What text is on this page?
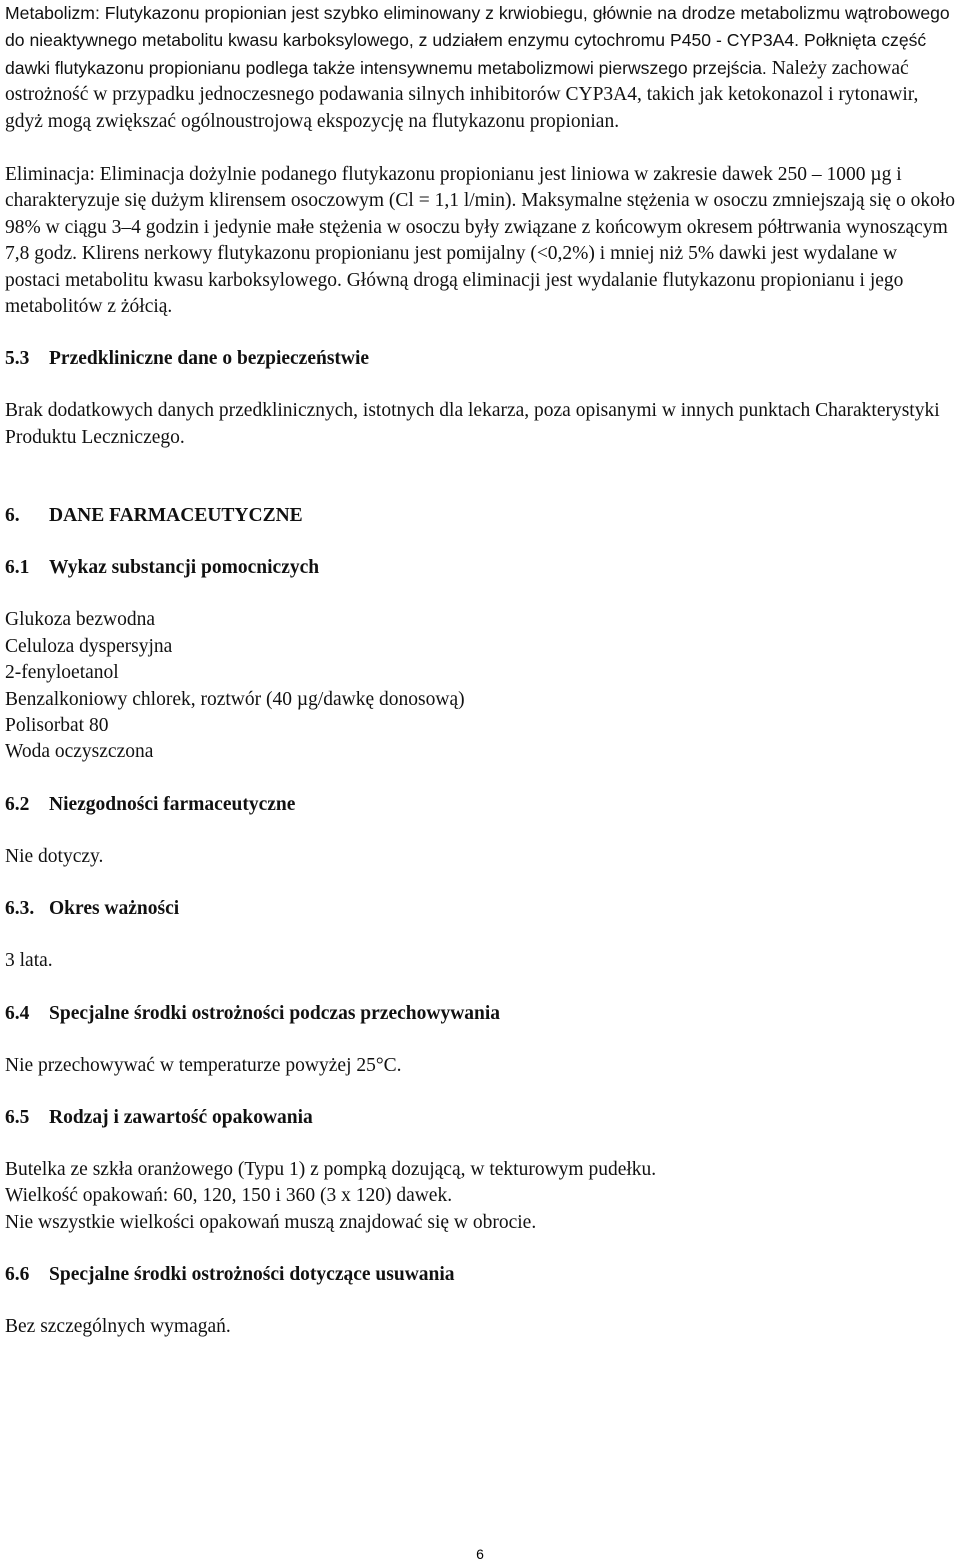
Metabolizm: Flutykazonu propionian jest szybko eliminowany z krwiobiegu, głównie na drodze metabolizmu wątrobowego do nieaktywnego metabolitu kwasu karboksylowego, z udziałem enzymu cytochromu P450 - CYP3A4. Połknięta część dawki flutykazonu propionianu podlega także intensywnemu metabolizmowi pierwszego przejścia. Należy zachować ostrożność w przypadku jednoczesnego podawania silnych inhibitorów CYP3A4, takich jak ketokonazol i rytonawir, gdyż mogą zwiększać ogólnoustrojową ekspozycję na flutykazonu propionian.

Eliminacja: Eliminacja dożylnie podanego flutykazonu propionianu jest liniowa w zakresie dawek 250 – 1000 µg i charakteryzuje się dużym klirensem osoczowym (Cl = 1,1 l/min). Maksymalne stężenia w osoczu zmniejszają się o około 98% w ciągu 3–4 godzin i jedynie małe stężenia w osoczu były związane z końcowym okresem półtrwania wynoszącym 7,8 godz. Klirens nerkowy flutykazonu propionianu jest pomijalny (<0,2%) i mniej niż 5% dawki jest wydalane w postaci metabolitu kwasu karboksylowego. Główną drogą eliminacji jest wydalanie flutykazonu propionianu i jego metabolitów z żółcią.

5.3 Przedkliniczne dane o bezpieczeństwie

Brak dodatkowych danych przedklinicznych, istotnych dla lekarza, poza opisanymi w innych punktach Charakterystyki Produktu Leczniczego.

6. DANE FARMACEUTYCZNE
6.1 Wykaz substancji pomocniczych
Glukoza bezwodna
Celuloza dyspersyjna
2-fenyloetanol
Benzalkoniowy chlorek, roztwór (40 µg/dawkę donosową)
Polisorbat 80
Woda oczyszczona
6.2 Niezgodności farmaceutyczne

Nie dotyczy.

6.3. Okres ważności

3 lata.

6.4 Specjalne środki ostrożności podczas przechowywania

Nie przechowywać w temperaturze powyżej 25°C.

6.5 Rodzaj i zawartość opakowania
Butelka ze szkła oranżowego (Typu 1) z pompką dozującą, w tekturowym pudełku.
Wielkość opakowań: 60, 120, 150 i 360 (3 x 120) dawek.
Nie wszystkie wielkości opakowań muszą znajdować się w obrocie.
6.6 Specjalne środki ostrożności dotyczące usuwania

Bez szczególnych wymagań.

6
